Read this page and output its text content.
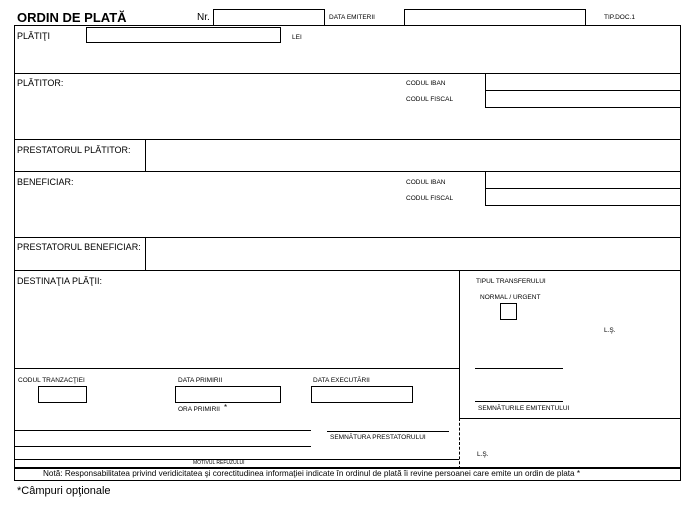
ORDIN DE PLATĂ	Nr.	DATA EMITERII	TIP.DOC.1
PLĂTIŢI	LEI
PLĂTITOR:	CODUL IBAN
CODUL FISCAL
PRESTATORUL PLĂTITOR:
BENEFICIAR:	CODUL IBAN
CODUL FISCAL
PRESTATORUL BENEFICIAR:
DESTINAŢIA PLĂŢII:	TIPUL TRANSFERULUI
NORMAL / URGENT
L.Ş.
SEMNĂTURILE EMITENTULUI
CODUL TRANZACŢIEI	DATA PRIMIRII	DATA EXECUTĂRII
ORA PRIMIRII *
SEMNĂTURA PRESTATORULUI
MOTIVUL REFUZULUI
L.Ş.
Notă: Responsabilitatea privind veridicitatea şi corectitudinea informaţiei indicate în ordinul de plată îi revine persoanei care emite un ordin de plata *
*Câmpuri opţionale
